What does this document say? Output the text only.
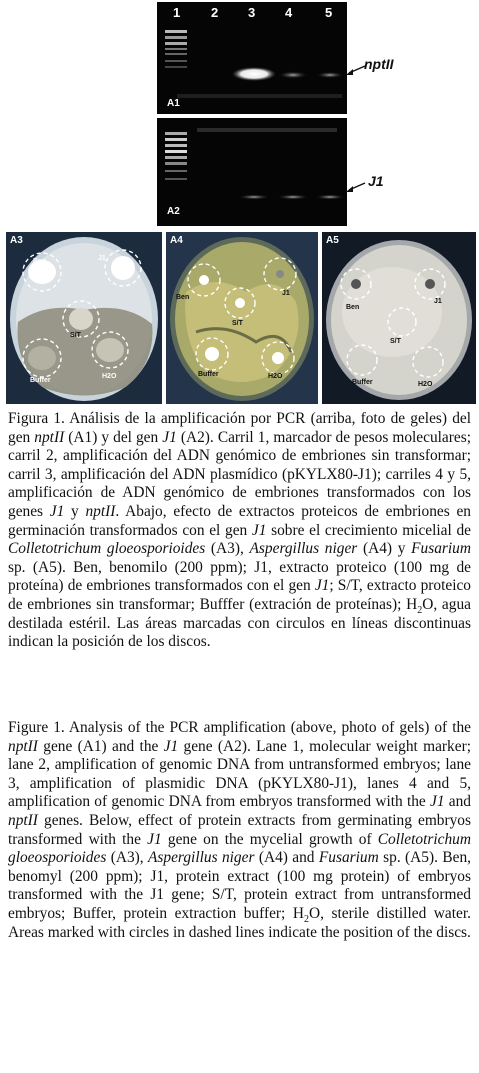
1 2 3 4	5
A1
nptII
A2
J1
A3
Ben	J1
S/T
Buffer
H2O
A4
Ben
J1
S/T
Buffer	H2O
A5
Ben
J1
S/T
Buffer	H2O
Figura 1. Análisis de la amplificación por PCR (arriba, foto de geles) del gen nptII (A1) y del gen J1 (A2). Carril 1, marcador de pesos moleculares; carril 2, amplificación del ADN genómico de embriones sin transformar; carril 3, amplificación del ADN plasmídico (pKYLX80-J1); carriles 4 y 5, amplificación de ADN genómico de embriones transformados con los genes J1 y nptII. Abajo, efecto de extractos proteicos de embriones en germinación transformados con el gen J1 sobre el crecimiento micelial de Colletotrichum gloeosporioides (A3), Aspergillus niger (A4) y Fusarium sp. (A5). Ben, benomilo (200 ppm); J1, extracto proteico (100 mg de proteína) de embriones transformados con el gen J1; S/T, extracto proteico de embriones sin transformar; Bufffer (extración de proteínas); $H_2O$, agua destilada estéril. Las áreas marcadas con circulos en líneas discontinuas indican la posición de los discos.
Figure 1. Analysis of the PCR amplification (above, photo of gels) of the nptII gene (A1) and the J1 gene (A2). Lane 1, molecular weight marker; lane 2, amplification of genomic DNA from untransformed embryos; lane 3, amplification of plasmidic DNA (pKYLX80-J1), lanes 4 and 5, amplification of genomic DNA from embryos transformed with the J1 and nptII genes. Below, effect of protein extracts from germinating embryos transformed with the J1 gene on the mycelial growth of Colletotrichum gloeosporioides (A3), Aspergillus niger (A4) and Fusarium sp. (A5). Ben, benomyl (200 ppm); J1, protein extract (100 mg protein) of embryos transformed with the J1 gene; S/T, protein extract from untransformed embryos; Buffer, protein extraction buffer; $H_2O$, sterile distilled water. Areas marked with circles in dashed lines indicate the position of the discs.
